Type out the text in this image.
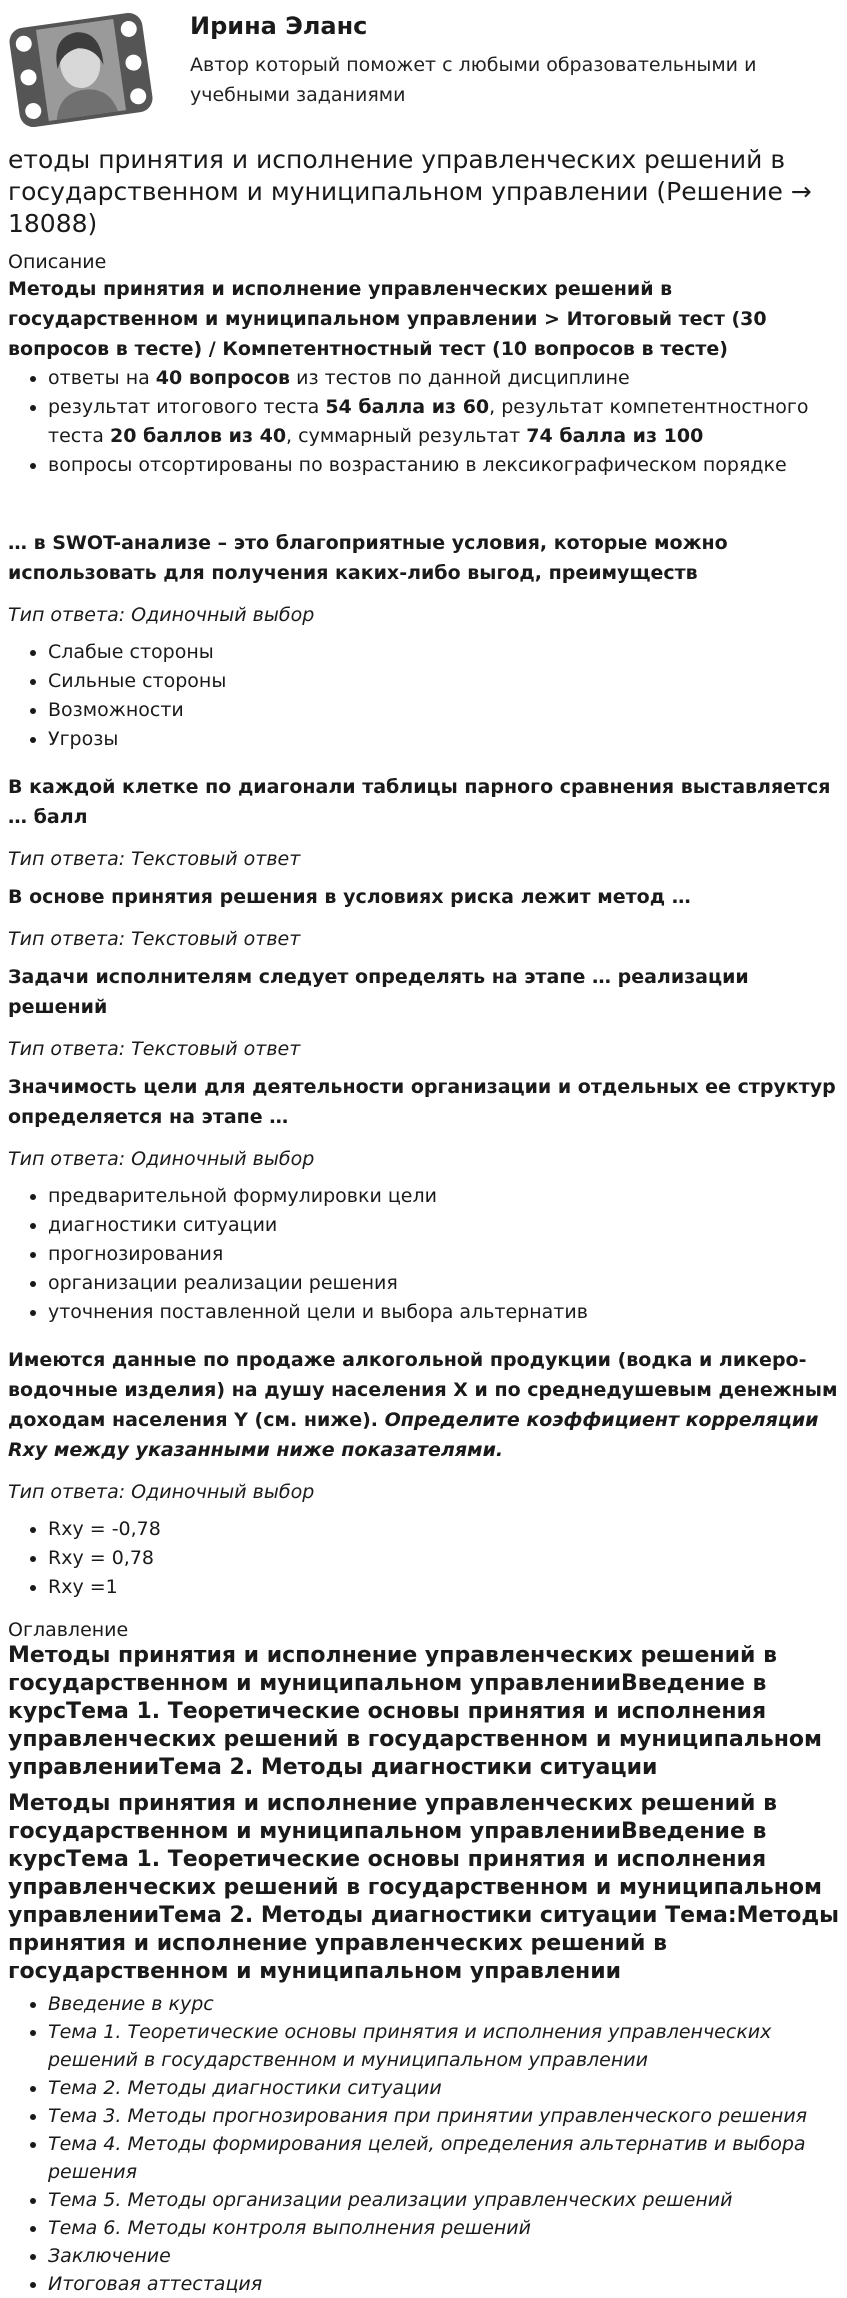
Ирина Эланс
Автор который поможет с любыми образовательными и учебными заданиями
етоды принятия и исполнение управленческих решений в государственном и муниципальном управлении (Решение → 18088)
Описание
Методы принятия и исполнение управленческих решений в государственном и муниципальном управлении > Итоговый тест (30 вопросов в тесте) / Компетентностный тест (10 вопросов в тесте)
• ответы на 40 вопросов из тестов по данной дисциплине
• результат итогового теста 54 балла из 60, результат компетентностного теста 20 баллов из 40, суммарный результат 74 балла из 100
• вопросы отсортированы по возрастанию в лексикографическом порядке
… в SWOT-анализе – это благоприятные условия, которые можно использовать для получения каких-либо выгод, преимуществ
Тип ответа: Одиночный выбор
• Слабые стороны
• Сильные стороны
• Возможности
• Угрозы
В каждой клетке по диагонали таблицы парного сравнения выставляется … балл
Тип ответа: Текстовый ответ
В основе принятия решения в условиях риска лежит метод …
Тип ответа: Текстовый ответ
Задачи исполнителям следует определять на этапе … реализации решений
Тип ответа: Текстовый ответ
Значимость цели для деятельности организации и отдельных ее структур определяется на этапе …
Тип ответа: Одиночный выбор
• предварительной формулировки цели
• диагностики ситуации
• прогнозирования
• организации реализации решения
• уточнения поставленной цели и выбора альтернатив
Имеются данные по продаже алкогольной продукции (водка и ликеро-водочные изделия) на душу населения X и по среднедушевым денежным доходам населения Y (см. ниже). Определите коэффициент корреляции Rxy между указанными ниже показателями.
Тип ответа: Одиночный выбор
• Rxy = -0,78
• Rxy = 0,78
• Rxy =1
Оглавление
Методы принятия и исполнение управленческих решений в государственном и муниципальном управленииВведение в курсТема 1. Теоретические основы принятия и исполнения управленческих решений в государственном и муниципальном управленииТема 2. Методы диагностики ситуации
Методы принятия и исполнение управленческих решений в государственном и муниципальном управленииВведение в курсТема 1. Теоретические основы принятия и исполнения управленческих решений в государственном и муниципальном управленииТема 2. Методы диагностики ситуации Тема:Методы принятия и исполнение управленческих решений в государственном и муниципальном управлении
• Введение в курс
• Тема 1. Теоретические основы принятия и исполнения управленческих решений в государственном и муниципальном управлении
• Тема 2. Методы диагностики ситуации
• Тема 3. Методы прогнозирования при принятии управленческого решения
• Тема 4. Методы формирования целей, определения альтернатив и выбора решения
• Тема 5. Методы организации реализации управленческих решений
• Тема 6. Методы контроля выполнения решений
• Заключение
• Итоговая аттестация
